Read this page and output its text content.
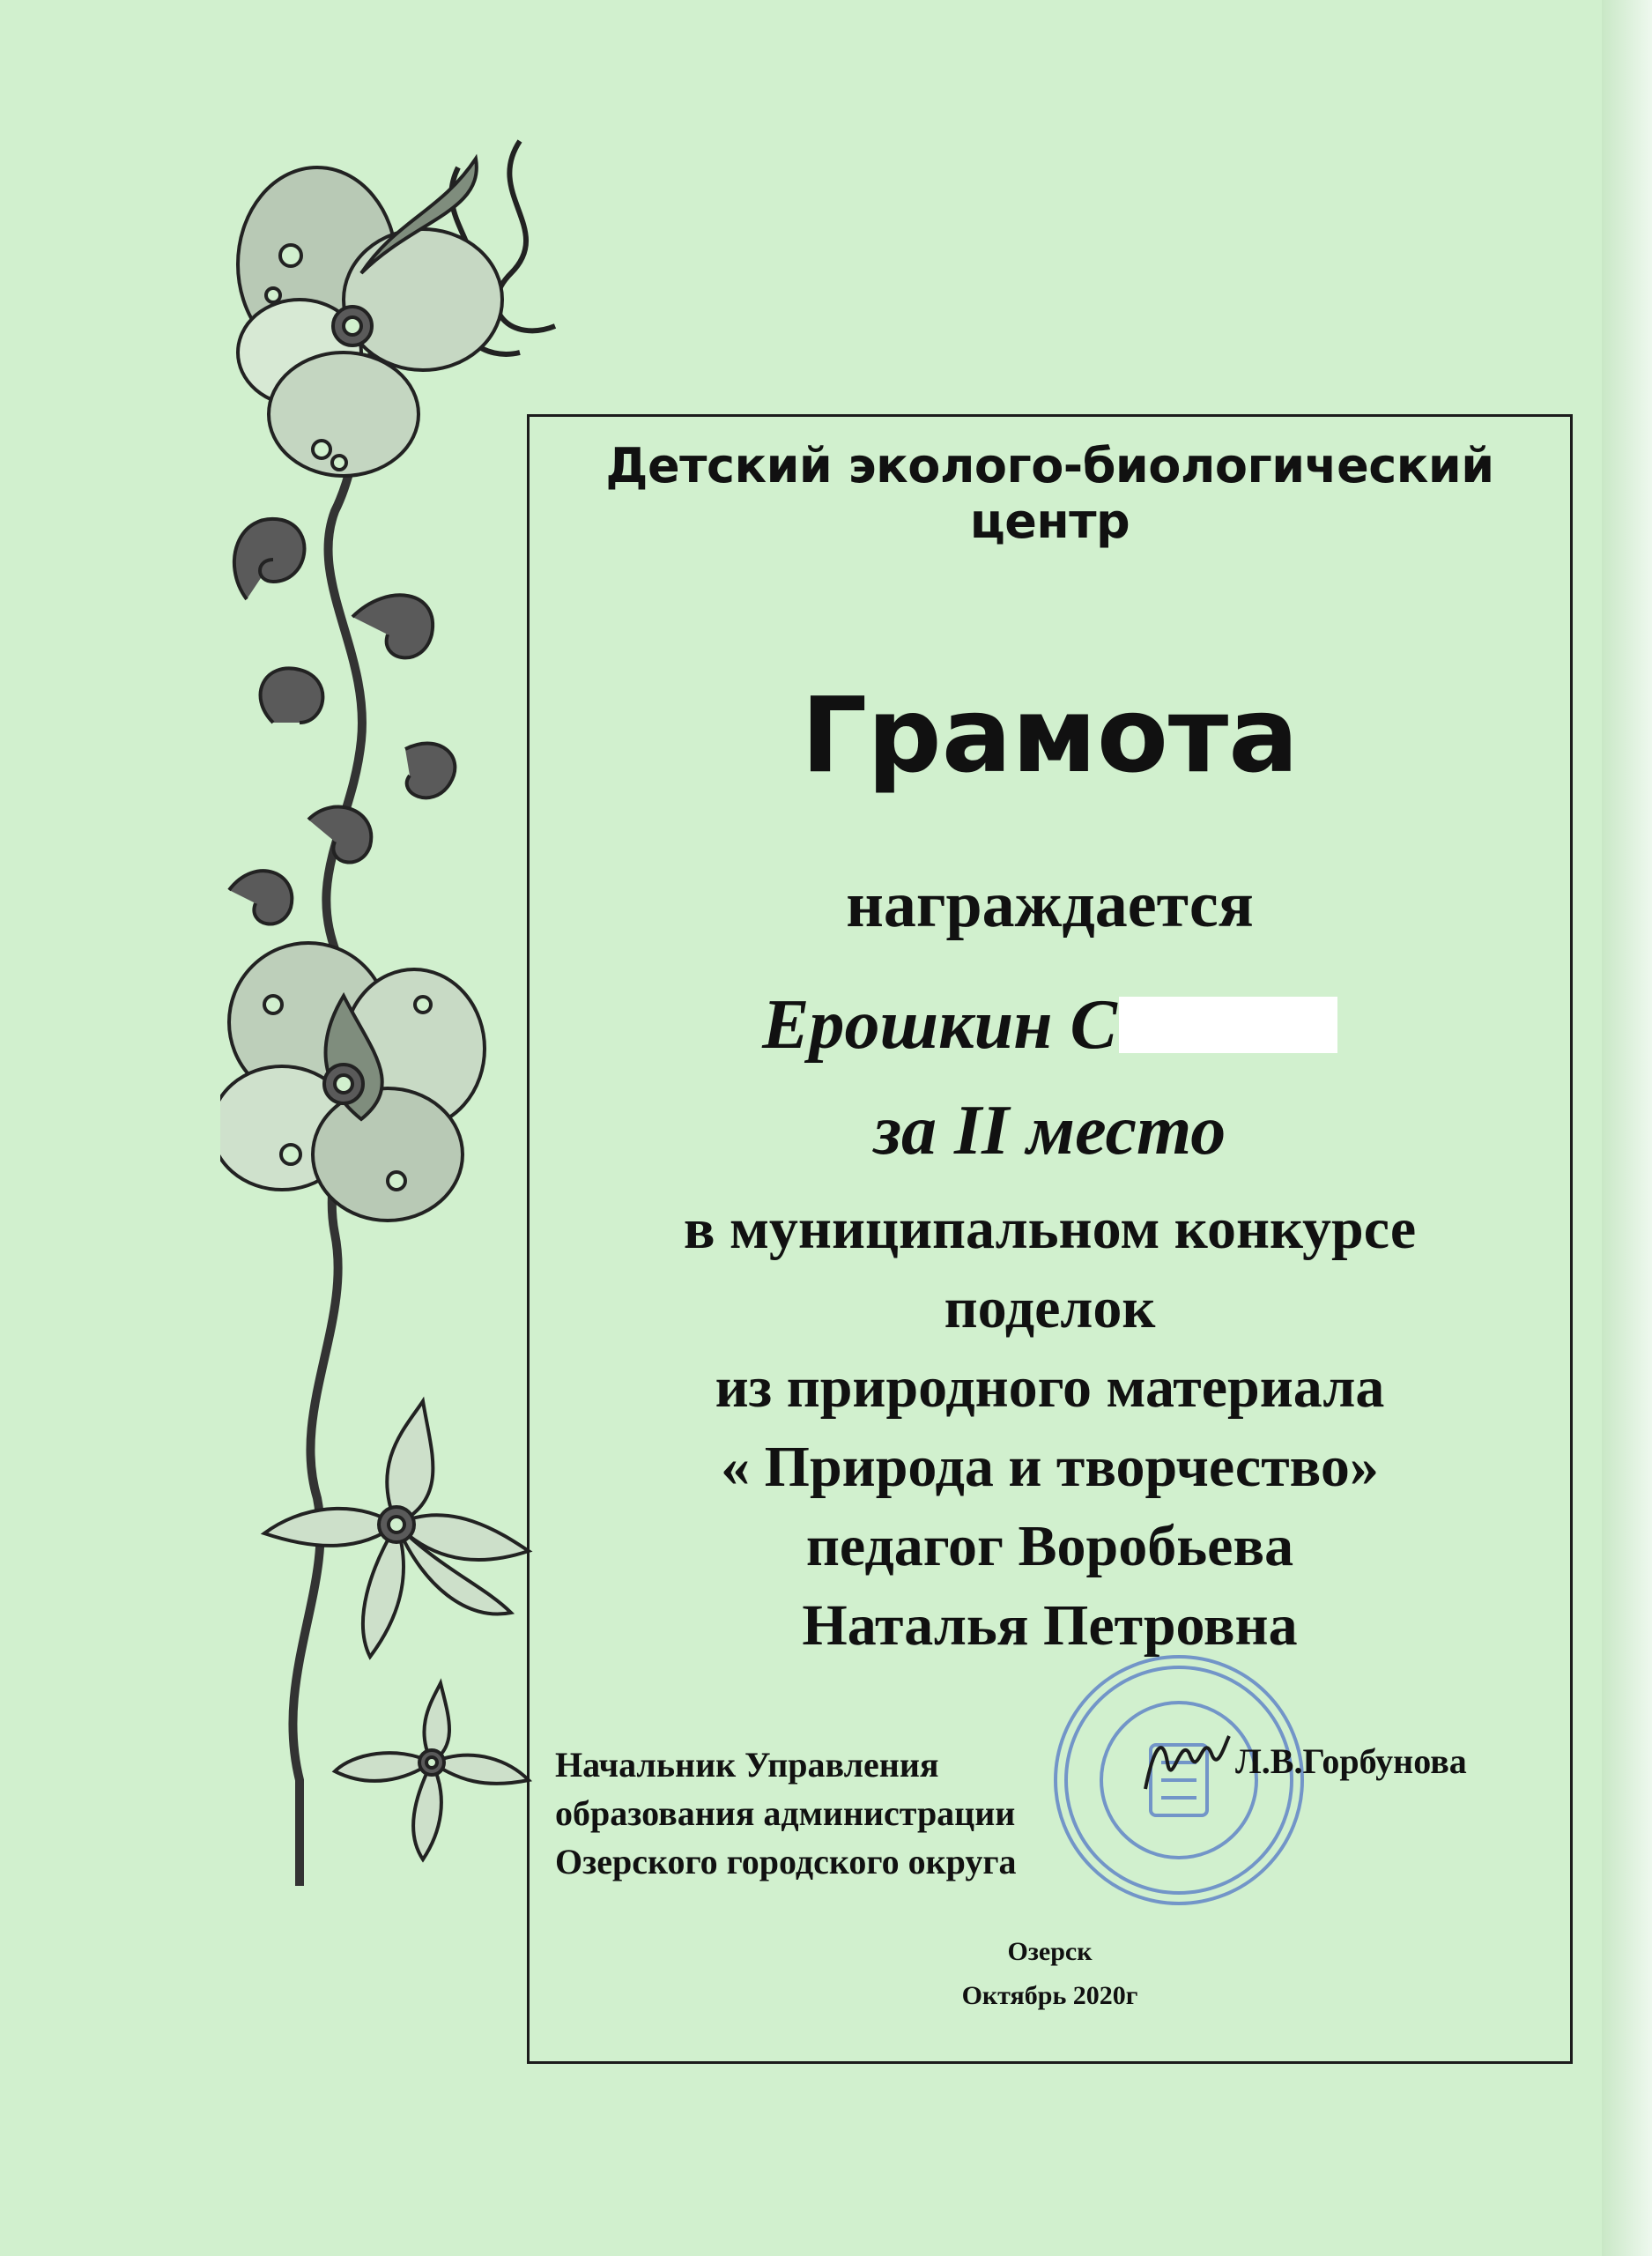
Детский эколого-биологический центр
Грамота
награждается
Ерошкин С
за II место
в муниципальном конкурсе
поделок
из природного материала
« Природа и творчество»
педагог Воробьева
Наталья Петровна
Начальник Управления
образования администрации
Озерского городского округа
Л.В.Горбунова
Озерск
Октябрь 2020г
